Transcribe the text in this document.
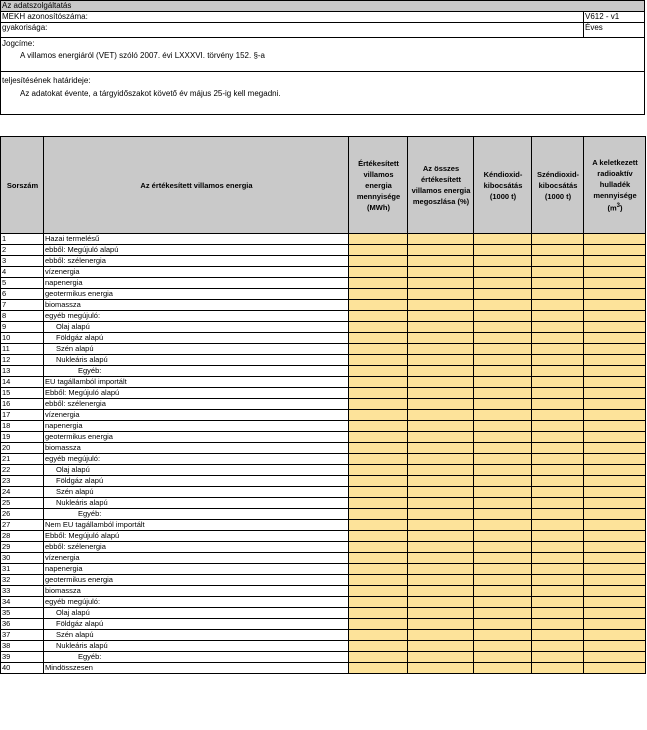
Az adatszolgáltatás
MEKH azonosítószáma:	V612 - v1
gyakorisága:	Éves
Jogcíme:
A villamos energiáról (VET) szóló 2007. évi LXXXVI. törvény 152. §-a
teljesítésének határideje:
Az adatokat évente, a tárgyidőszakot követő év május 25-ig kell megadni.
Sorszám	Az értékesített villamos energia	Értékesített villamos energia mennyisége (MWh)	Az összes értékesített villamos energia megoszlása (%)	Kéndioxid-kibocsátás (1000 t)	Széndioxid-kibocsátás (1000 t)	A keletkezett radioaktív hulladék mennyisége $(m^3)$
1	Hazai termelésű					
2	ebből: Megújuló alapú					
3	ebből: szélenergia					
4	vízenergia					
5	napenergia					
6	geotermikus energia					
7	biomassza					
8	egyéb megújuló:					
9	Olaj alapú					
10	Földgáz alapú					
11	Szén alapú					
12	Nukleáris alapú					
13	Egyéb:					
14	EU tagállamból importált					
15	Ebből: Megújuló alapú					
16	ebből: szélenergia					
17	vízenergia					
18	napenergia					
19	geotermikus energia					
20	biomassza					
21	egyéb megújuló:					
22	Olaj alapú					
23	Földgáz alapú					
24	Szén alapú					
25	Nukleáris alapú					
26	Egyéb:					
27	Nem EU tagállamból importált					
28	Ebből: Megújuló alapú					
29	ebből: szélenergia					
30	vízenergia					
31	napenergia					
32	geotermikus energia					
33	biomassza					
34	egyéb megújuló:					
35	Olaj alapú					
36	Földgáz alapú					
37	Szén alapú					
38	Nukleáris alapú					
39	Egyéb:					
40	Mindösszesen					
